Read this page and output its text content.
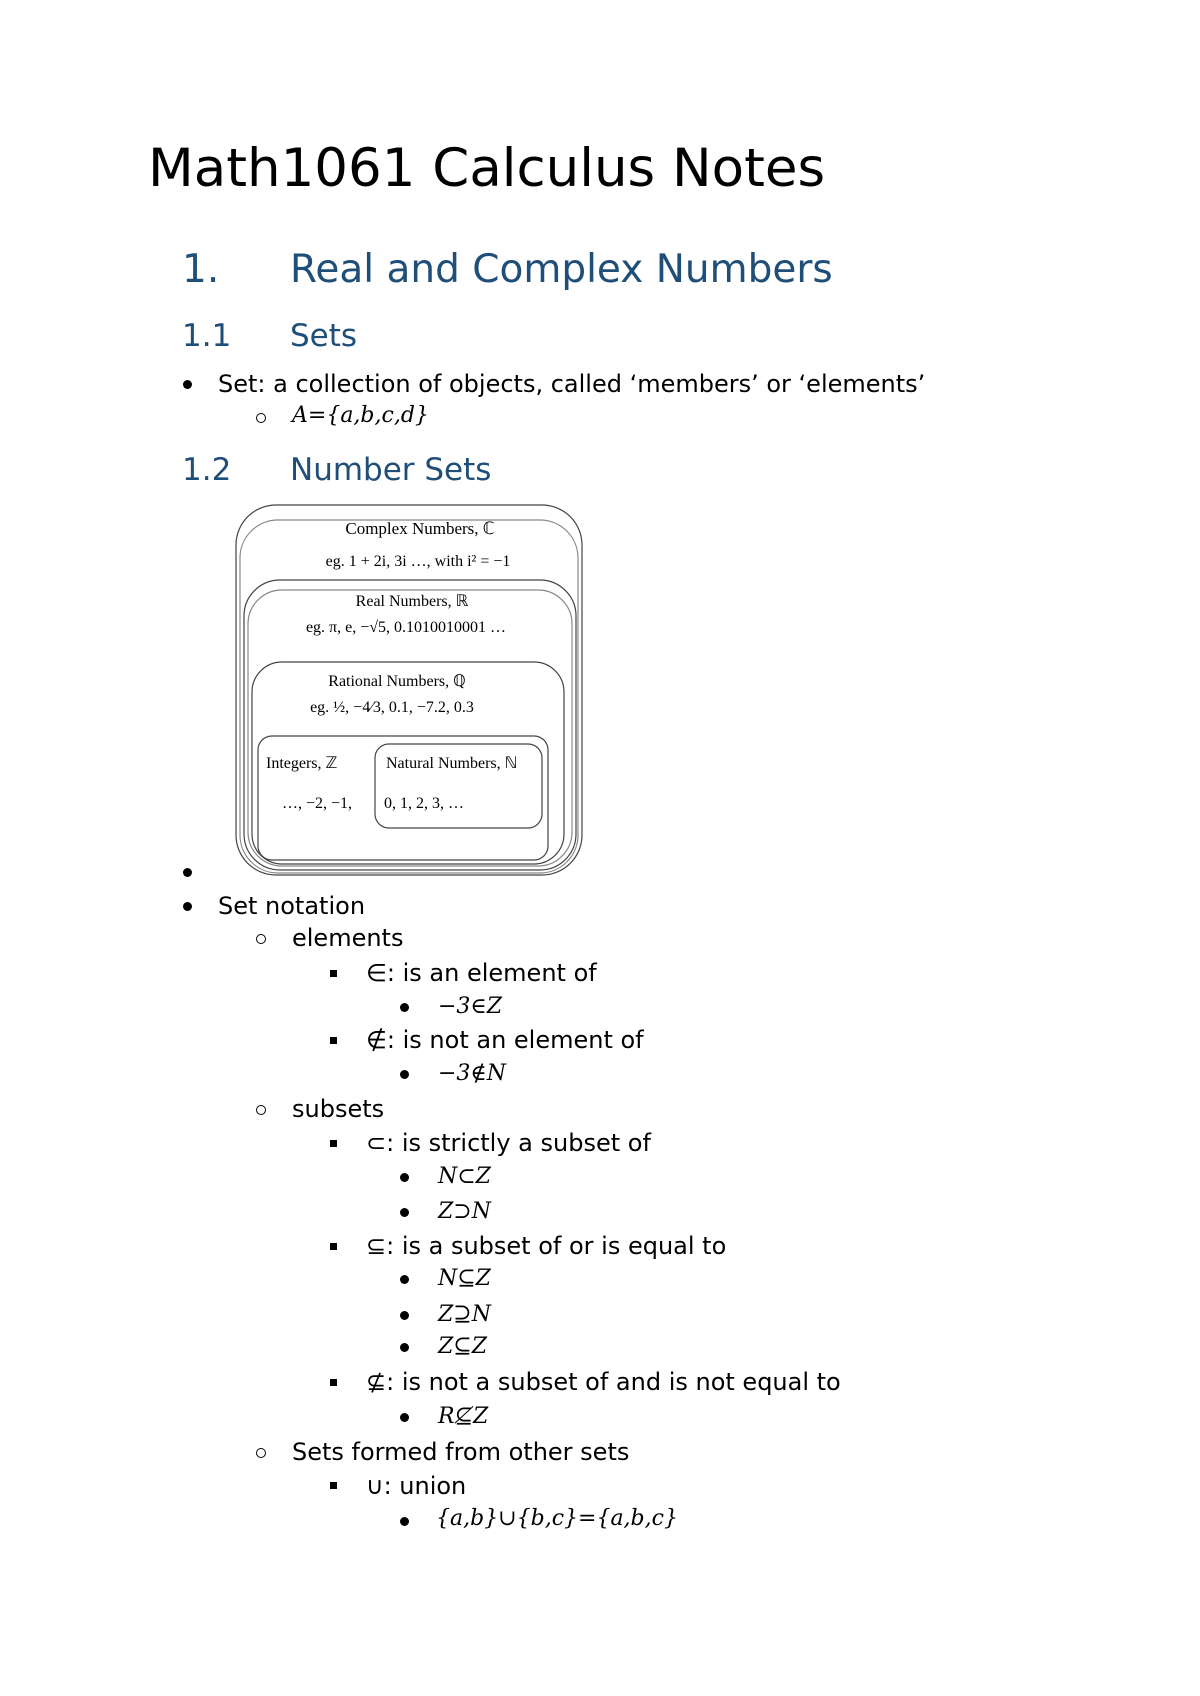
Math1061 Calculus Notes
1. Real and Complex Numbers
1.1 Sets
Set: a collection of objects, called ‘members’ or ‘elements’
A={a,b,c,d}
1.2 Number Sets
Complex Numbers, ℂ
eg. 1 + 2i, 3i …, with i² = −1
Real Numbers, ℝ
eg. π, e, −√5, 0.1010010001 …
Rational Numbers, ℚ
eg. ½, −4⁄3, 0.1, −7.2, 0.3
Integers, ℤ
…, −2, −1,
Natural Numbers, ℕ
0, 1, 2, 3, …
Set notation
elements
∈: is an element of
−3∈Z
∉: is not an element of
−3∉N
subsets
⊂: is strictly a subset of
N⊂Z
Z⊃N
⊆: is a subset of or is equal to
N⊆Z
Z⊇N
Z⊆Z
⊈: is not a subset of and is not equal to
R⊈Z
Sets formed from other sets
∪: union
{a,b}∪{b,c}={a,b,c}
